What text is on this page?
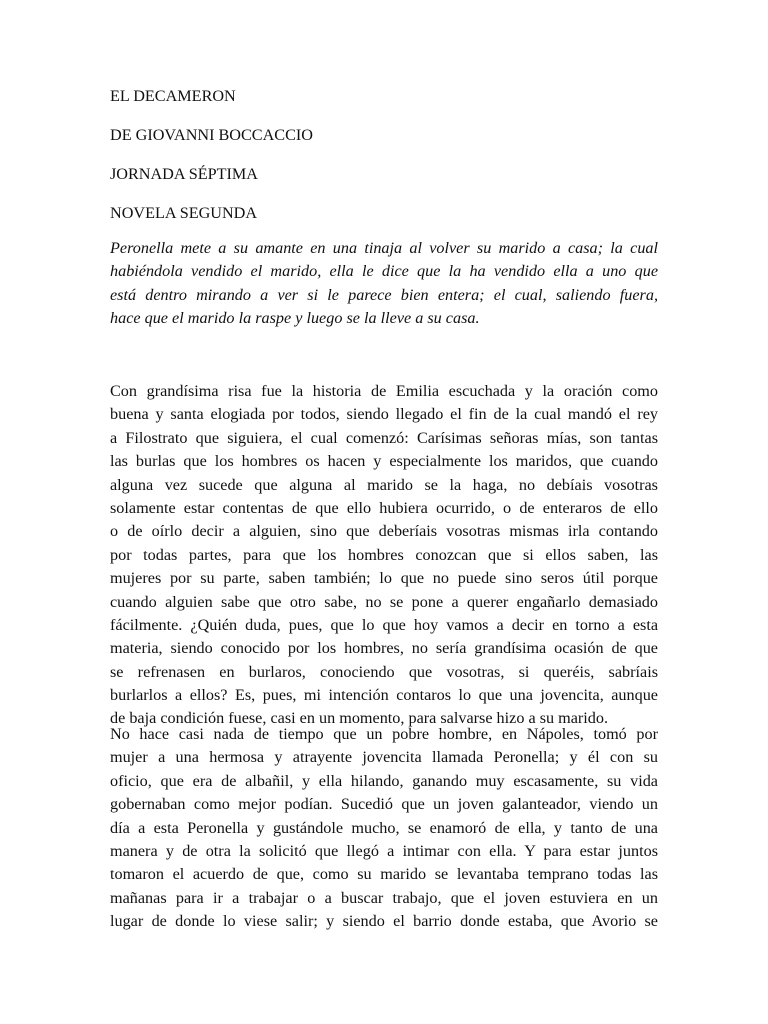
EL DECAMERON
DE GIOVANNI BOCCACCIO
JORNADA SÉPTIMA
NOVELA SEGUNDA
Peronella mete a su amante en una tinaja al volver su marido a casa; la cual
habiéndola vendido el marido, ella le dice que la ha vendido ella a uno que
está dentro mirando a ver si le parece bien entera; el cual, saliendo fuera,
hace que el marido la raspe y luego se la lleve a su casa.
Con grandísima risa fue la historia de Emilia escuchada y la oración como
buena y santa elogiada por todos, siendo llegado el fin de la cual mandó el rey
a Filostrato que siguiera, el cual comenzó: Carísimas señoras mías, son tantas
las burlas que los hombres os hacen y especialmente los maridos, que cuando
alguna vez sucede que alguna al marido se la haga, no debíais vosotras
solamente estar contentas de que ello hubiera ocurrido, o de enteraros de ello
o de oírlo decir a alguien, sino que deberíais vosotras mismas irla contando
por todas partes, para que los hombres conozcan que si ellos saben, las
mujeres por su parte, saben también; lo que no puede sino seros útil porque
cuando alguien sabe que otro sabe, no se pone a querer engañarlo demasiado
fácilmente. ¿Quién duda, pues, que lo que hoy vamos a decir en torno a esta
materia, siendo conocido por los hombres, no sería grandísima ocasión de que
se refrenasen en burlaros, conociendo que vosotras, si queréis, sabríais
burlarlos a ellos? Es, pues, mi intención contaros lo que una jovencita, aunque
de baja condición fuese, casi en un momento, para salvarse hizo a su marido.
No hace casi nada de tiempo que un pobre hombre, en Nápoles, tomó por
mujer a una hermosa y atrayente jovencita llamada Peronella; y él con su
oficio, que era de albañil, y ella hilando, ganando muy escasamente, su vida
gobernaban como mejor podían. Sucedió que un joven galanteador, viendo un
día a esta Peronella y gustándole mucho, se enamoró de ella, y tanto de una
manera y de otra la solicitó que llegó a intimar con ella. Y para estar juntos
tomaron el acuerdo de que, como su marido se levantaba temprano todas las
mañanas para ir a trabajar o a buscar trabajo, que el joven estuviera en un
lugar de donde lo viese salir; y siendo el barrio donde estaba, que Avorio se
